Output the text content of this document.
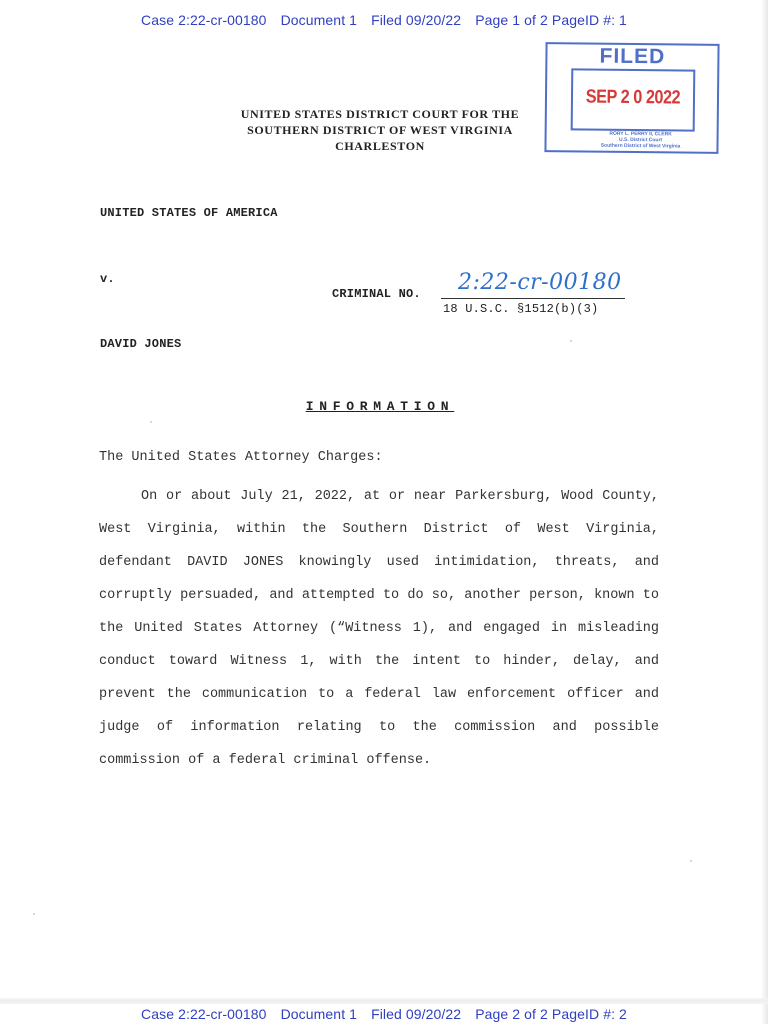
Case 2:22-cr-00180 Document 1 Filed 09/20/22 Page 1 of 2 PageID #: 1
FILED
SEP 2 0 2022
RORY L. PERRY II, CLERK
U.S. District Court
Southern District of West Virginia
UNITED STATES DISTRICT COURT FOR THE
SOUTHERN DISTRICT OF WEST VIRGINIA
CHARLESTON
UNITED STATES OF AMERICA
v.
CRIMINAL NO. 2:22-cr-00180
18 U.S.C. §1512(b)(3)
DAVID JONES
INFORMATION
The United States Attorney Charges:
On or about July 21, 2022, at or near Parkersburg, Wood County, West Virginia, within the Southern District of West Virginia, defendant DAVID JONES knowingly used intimidation, threats, and corruptly persuaded, and attempted to do so, another person, known to the United States Attorney (“Witness 1), and engaged in misleading conduct toward Witness 1, with the intent to hinder, delay, and prevent the communication to a federal law enforcement officer and judge of information relating to the commission and possible commission of a federal criminal offense.
Case 2:22-cr-00180 Document 1 Filed 09/20/22 Page 2 of 2 PageID #: 2
